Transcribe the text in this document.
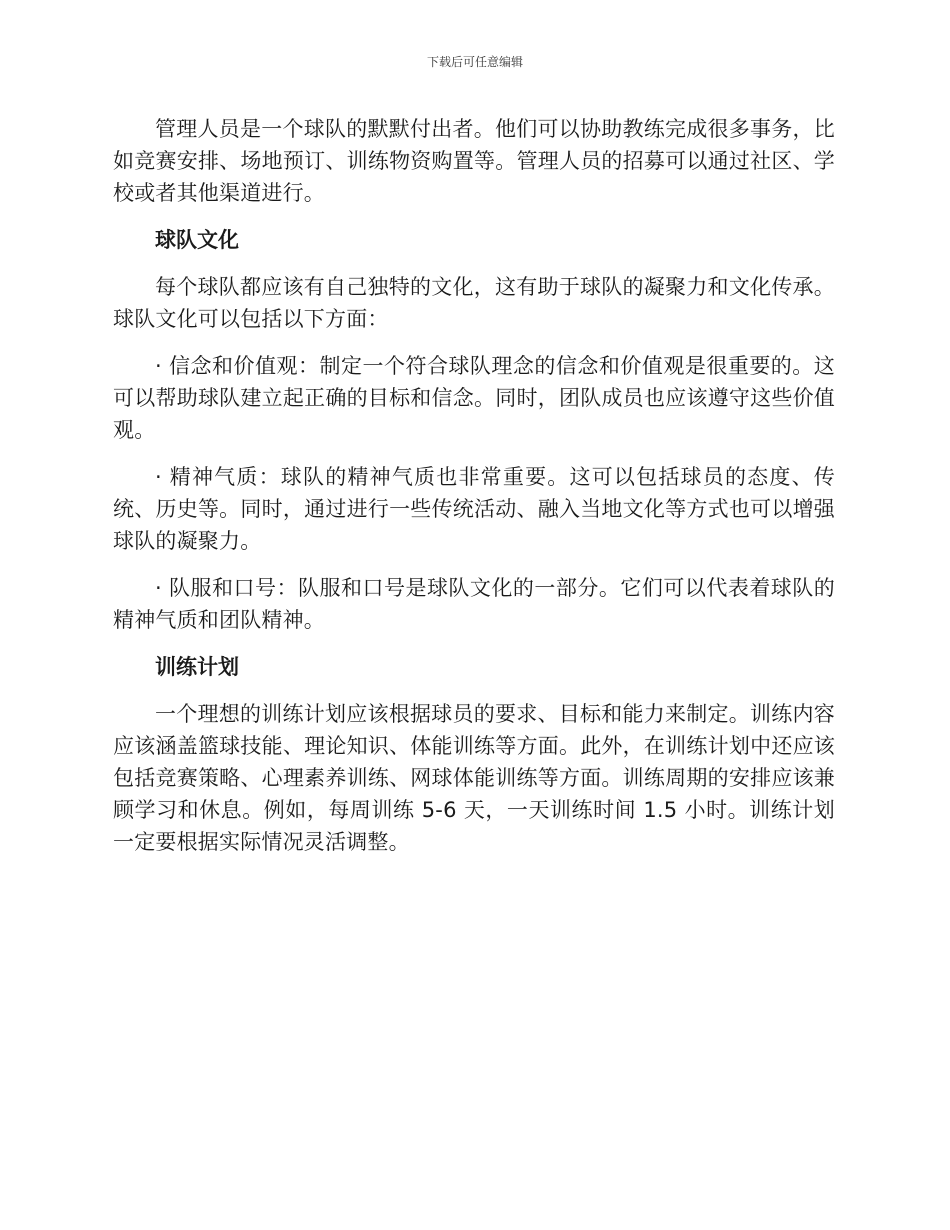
下载后可任意编辑

管理人员是一个球队的默默付出者。他们可以协助教练完成很多事务，比如竞赛安排、场地预订、训练物资购置等。管理人员的招募可以通过社区、学校或者其他渠道进行。

球队文化

每个球队都应该有自己独特的文化，这有助于球队的凝聚力和文化传承。球队文化可以包括以下方面：

· 信念和价值观：制定一个符合球队理念的信念和价值观是很重要的。这可以帮助球队建立起正确的目标和信念。同时，团队成员也应该遵守这些价值观。

· 精神气质：球队的精神气质也非常重要。这可以包括球员的态度、传统、历史等。同时，通过进行一些传统活动、融入当地文化等方式也可以增强球队的凝聚力。

· 队服和口号：队服和口号是球队文化的一部分。它们可以代表着球队的精神气质和团队精神。

训练计划

一个理想的训练计划应该根据球员的要求、目标和能力来制定。训练内容应该涵盖篮球技能、理论知识、体能训练等方面。此外，在训练计划中还应该包括竞赛策略、心理素养训练、网球体能训练等方面。训练周期的安排应该兼顾学习和休息。例如，每周训练 5-6 天，一天训练时间 1.5 小时。训练计划一定要根据实际情况灵活调整。
